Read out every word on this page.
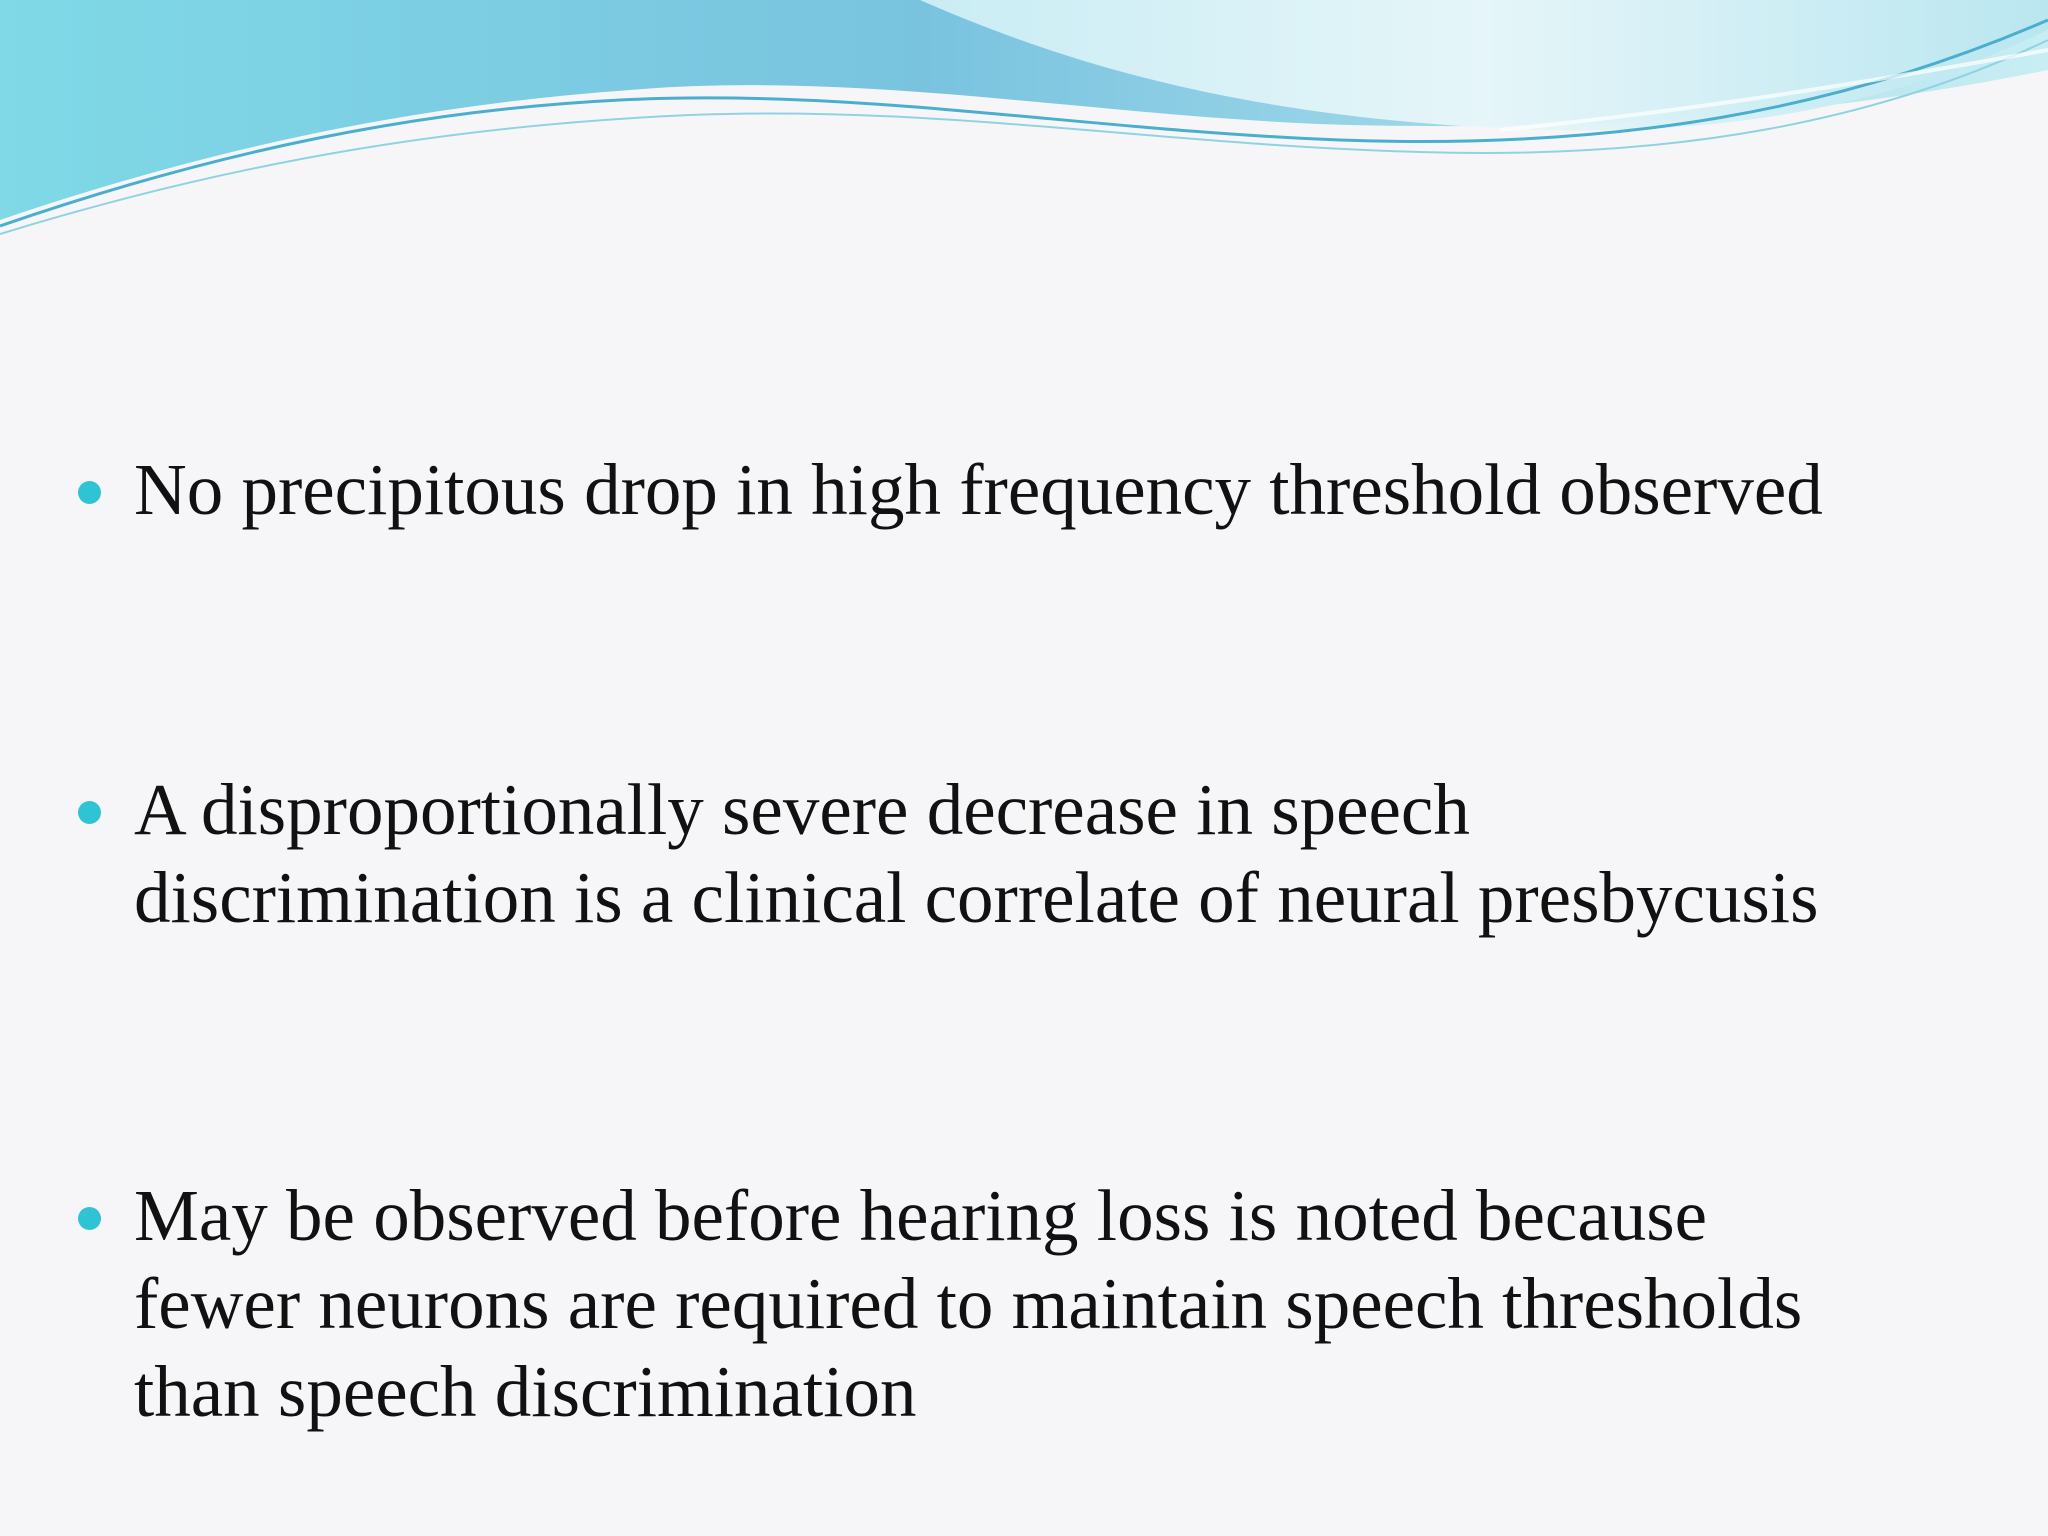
No precipitous drop in high frequency threshold observed
A disproportionally severe decrease in speech
discrimination is a clinical correlate of neural presbycusis
May be observed before hearing loss is noted because
fewer neurons are required to maintain speech thresholds
than speech discrimination
